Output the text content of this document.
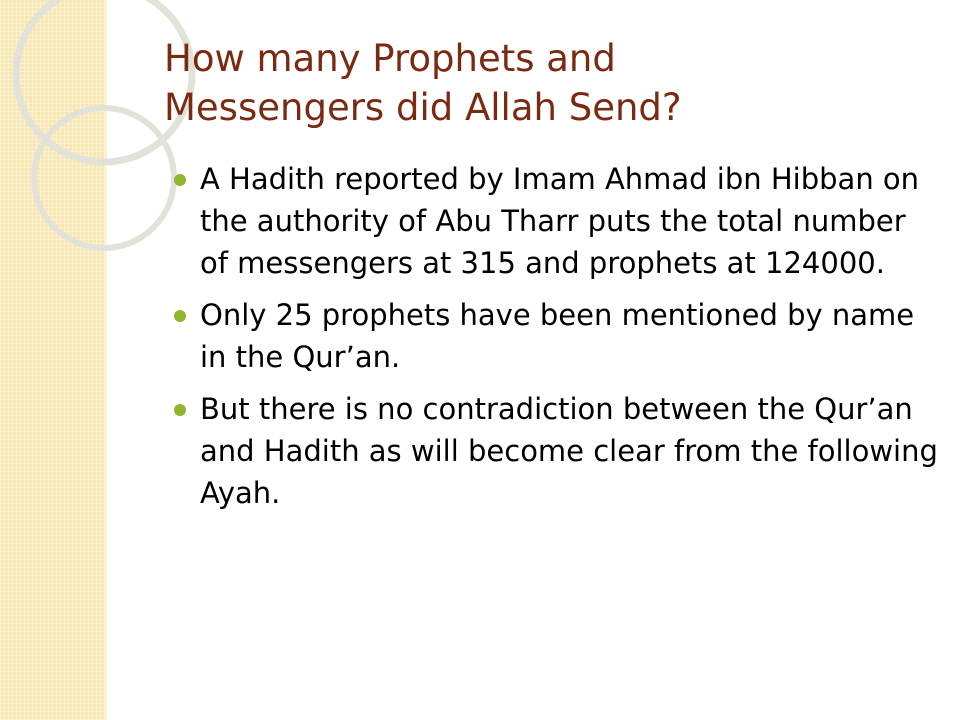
How many Prophets and
Messengers did Allah Send?
A Hadith reported by Imam Ahmad ibn Hibban on the authority of Abu Tharr puts the total number of messengers at 315 and prophets at 124000.
Only 25 prophets have been mentioned by name in the Qur’an.
But there is no contradiction between the Qur’an and Hadith as will become clear from the following Ayah.
